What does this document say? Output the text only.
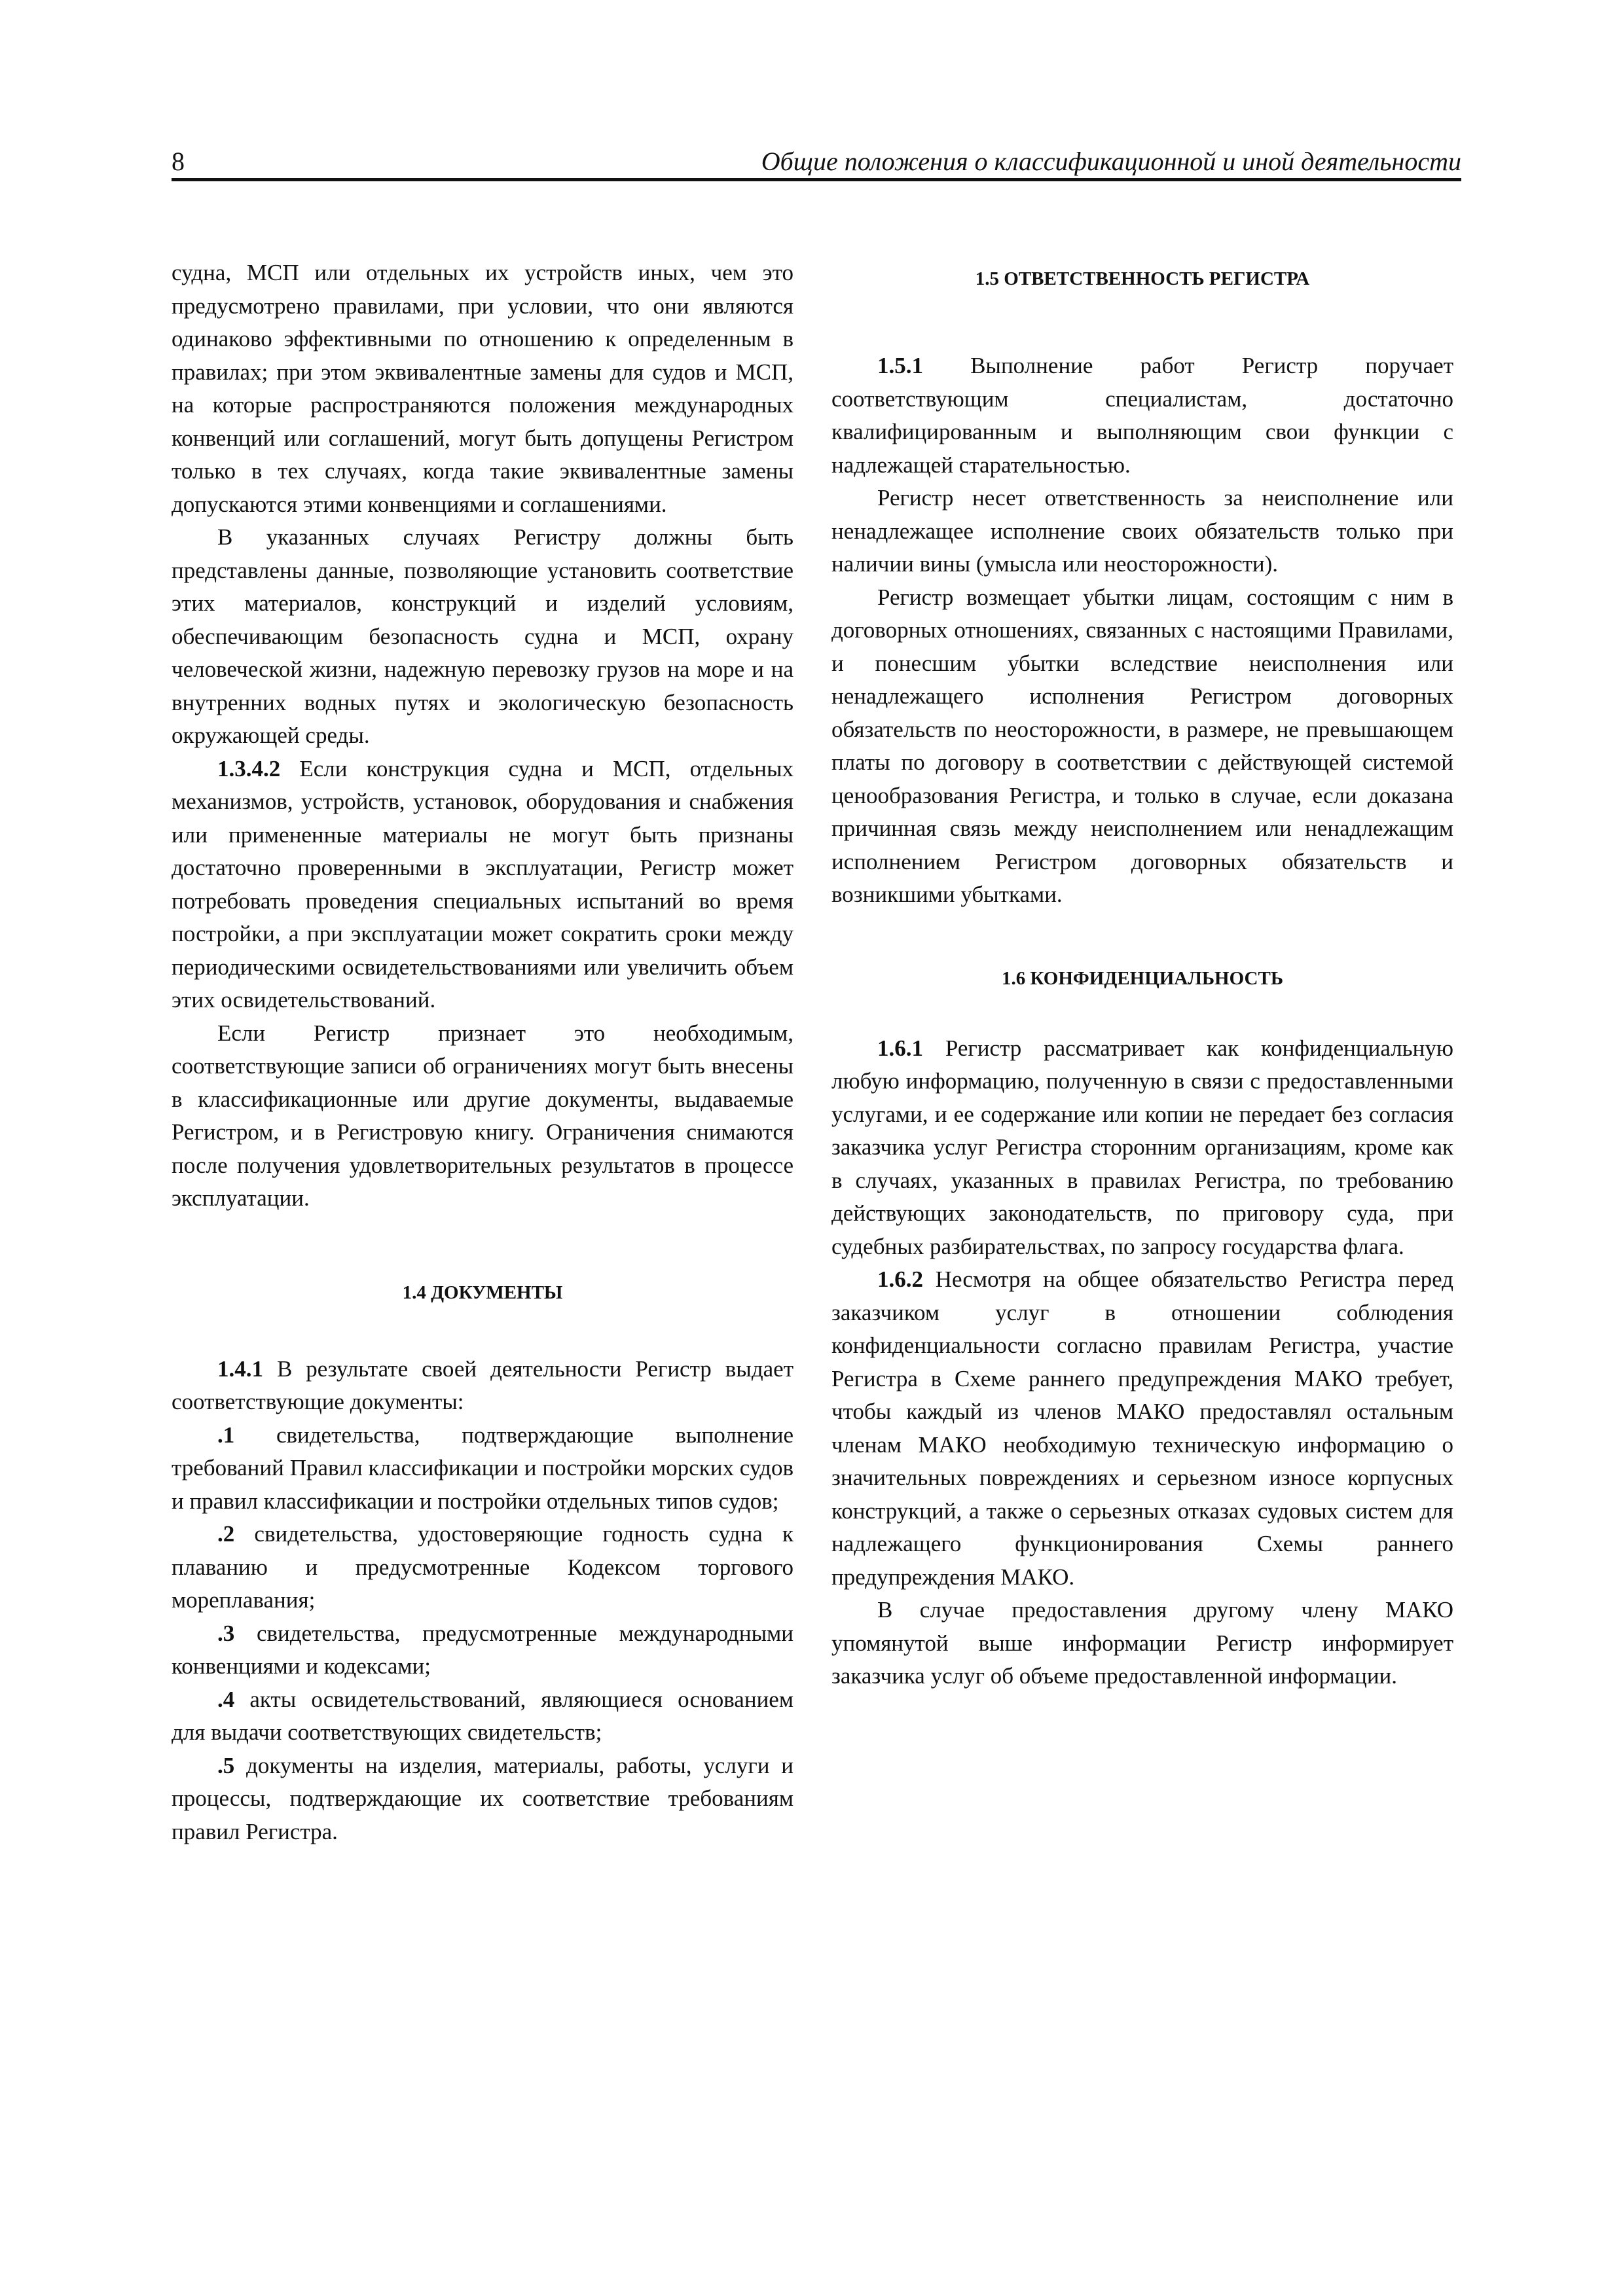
8	Общие положения о классификационной и иной деятельности

судна, МСП или отдельных их устройств иных, чем это предусмотрено правилами, при условии, что они являются одинаково эффективными по отношению к определенным в правилах; при этом эквивалентные замены для судов и МСП, на которые распространяются положения международных конвенций или соглашений, могут быть допущены Регистром только в тех случаях, когда такие эквивалентные замены допускаются этими конвенциями и соглашениями.

В указанных случаях Регистру должны быть представлены данные, позволяющие установить соответствие этих материалов, конструкций и изделий условиям, обеспечивающим безопасность судна и МСП, охрану человеческой жизни, надежную перевозку грузов на море и на внутренних водных путях и экологическую безопасность окружающей среды.

1.3.4.2 Если конструкция судна и МСП, отдельных механизмов, устройств, установок, оборудования и снабжения или примененные материалы не могут быть признаны достаточно проверенными в эксплуатации, Регистр может потребовать проведения специальных испытаний во время постройки, а при эксплуатации может сократить сроки между периодическими освидетельствованиями или увеличить объем этих освидетельствований.

Если Регистр признает это необходимым, соответствующие записи об ограничениях могут быть внесены в классификационные или другие документы, выдаваемые Регистром, и в Регистровую книгу. Ограничения снимаются после получения удовлетворительных результатов в процессе эксплуатации.

1.4 ДОКУМЕНТЫ

1.4.1 В результате своей деятельности Регистр выдает соответствующие документы:

.1 свидетельства, подтверждающие выполнение требований Правил классификации и постройки морских судов и правил классификации и постройки отдельных типов судов;

.2 свидетельства, удостоверяющие годность судна к плаванию и предусмотренные Кодексом торгового мореплавания;

.3 свидетельства, предусмотренные международными конвенциями и кодексами;

.4 акты освидетельствований, являющиеся основанием для выдачи соответствующих свидетельств;

.5 документы на изделия, материалы, работы, услуги и процессы, подтверждающие их соответствие требованиям правил Регистра.

1.5 ОТВЕТСТВЕННОСТЬ РЕГИСТРА

1.5.1 Выполнение работ Регистр поручает соответствующим специалистам, достаточно квалифицированным и выполняющим свои функции с надлежащей старательностью.

Регистр несет ответственность за неисполнение или ненадлежащее исполнение своих обязательств только при наличии вины (умысла или неосторожности).

Регистр возмещает убытки лицам, состоящим с ним в договорных отношениях, связанных с настоящими Правилами, и понесшим убытки вследствие неисполнения или ненадлежащего исполнения Регистром договорных обязательств по неосторожности, в размере, не превышающем платы по договору в соответствии с действующей системой ценообразования Регистра, и только в случае, если доказана причинная связь между неисполнением или ненадлежащим исполнением Регистром договорных обязательств и возникшими убытками.

1.6 КОНФИДЕНЦИАЛЬНОСТЬ

1.6.1 Регистр рассматривает как конфиденциальную любую информацию, полученную в связи с предоставленными услугами, и ее содержание или копии не передает без согласия заказчика услуг Регистра сторонним организациям, кроме как в случаях, указанных в правилах Регистра, по требованию действующих законодательств, по приговору суда, при судебных разбирательствах, по запросу государства флага.

1.6.2 Несмотря на общее обязательство Регистра перед заказчиком услуг в отношении соблюдения конфиденциальности согласно правилам Регистра, участие Регистра в Схеме раннего предупреждения МАКО требует, чтобы каждый из членов МАКО предоставлял остальным членам МАКО необходимую техническую информацию о значительных повреждениях и серьезном износе корпусных конструкций, а также о серьезных отказах судовых систем для надлежащего функционирования Схемы раннего предупреждения МАКО.

В случае предоставления другому члену МАКО упомянутой выше информации Регистр информирует заказчика услуг об объеме предоставленной информации.
